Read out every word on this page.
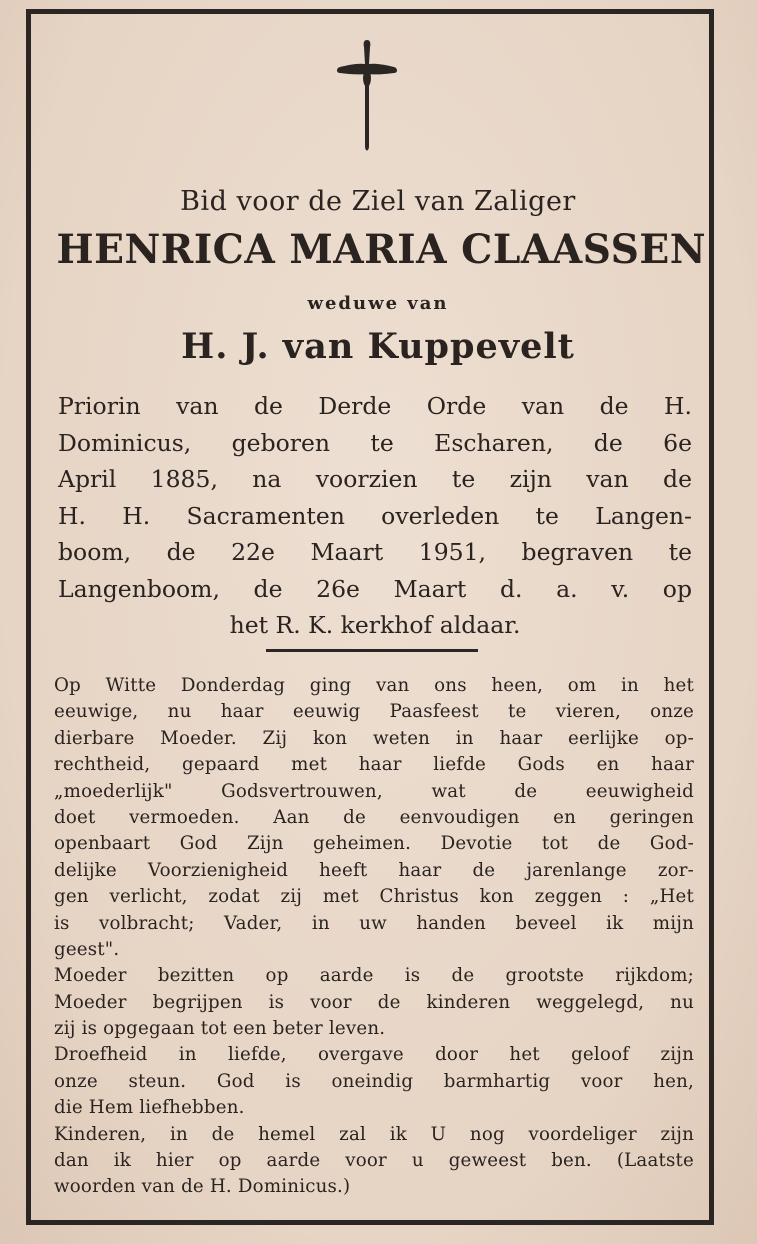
Bid voor de Ziel van Zaliger
HENRICA MARIA CLAASSEN
weduwe van
H. J. van Kuppevelt
Priorin van de Derde Orde van de H.
Dominicus, geboren te Escharen, de 6e
April 1885, na voorzien te zijn van de
H. H. Sacramenten overleden te Langen-
boom, de 22e Maart 1951, begraven te
Langenboom, de 26e Maart d. a. v. op
het R. K. kerkhof aldaar.
Op Witte Donderdag ging van ons heen, om in het
eeuwige, nu haar eeuwig Paasfeest te vieren, onze
dierbare Moeder. Zij kon weten in haar eerlijke op-
rechtheid, gepaard met haar liefde Gods en haar
„moederlijk" Godsvertrouwen, wat de eeuwigheid
doet vermoeden. Aan de eenvoudigen en geringen
openbaart God Zijn geheimen. Devotie tot de God-
delijke Voorzienigheid heeft haar de jarenlange zor-
gen verlicht, zodat zij met Christus kon zeggen : „Het
is volbracht; Vader, in uw handen beveel ik mijn
geest".
Moeder bezitten op aarde is de grootste rijkdom;
Moeder begrijpen is voor de kinderen weggelegd, nu
zij is opgegaan tot een beter leven.
Droefheid in liefde, overgave door het geloof zijn
onze steun. God is oneindig barmhartig voor hen,
die Hem liefhebben.
Kinderen, in de hemel zal ik U nog voordeliger zijn
dan ik hier op aarde voor u geweest ben. (Laatste
woorden van de H. Dominicus.)
